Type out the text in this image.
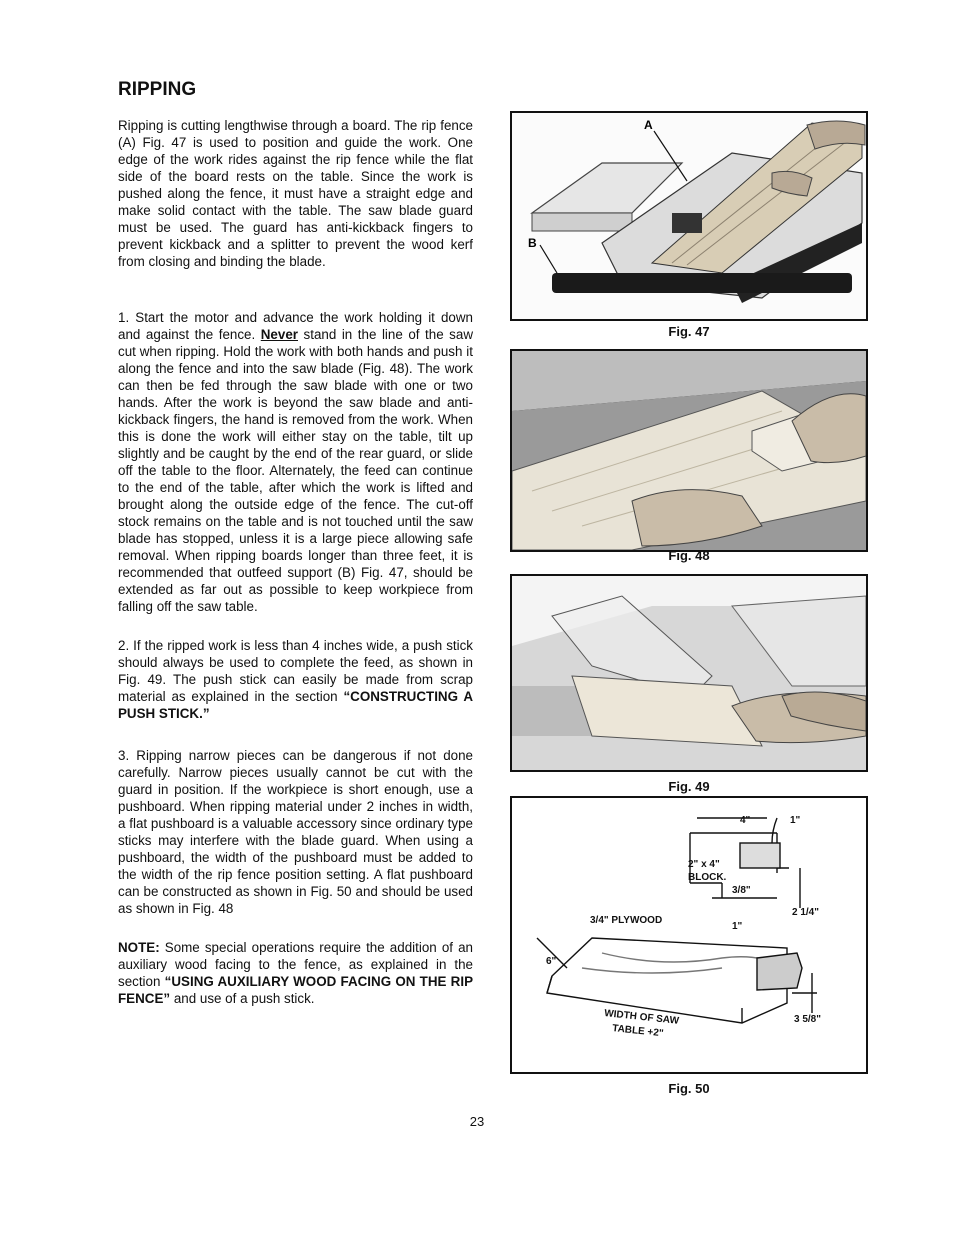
RIPPING

Ripping is cutting lengthwise through a board. The rip fence (A) Fig. 47 is used to position and guide the work. One edge of the work rides against the rip fence while the flat side of the board rests on the table. Since the work is pushed along the fence, it must have a straight edge and make solid contact with the table. The saw blade guard must be used. The guard has anti-kickback fingers to prevent kickback and a splitter to prevent the wood kerf from closing and binding the blade.

1. Start the motor and advance the work holding it down and against the fence. Never stand in the line of the saw cut when ripping. Hold the work with both hands and push it along the fence and into the saw blade (Fig. 48). The work can then be fed through the saw blade with one or two hands. After the work is beyond the saw blade and anti-kickback fingers, the hand is removed from the work. When this is done the work will either stay on the table, tilt up slightly and be caught by the end of the rear guard, or slide off the table to the floor. Alternately, the feed can continue to the end of the table, after which the work is lifted and brought along the outside edge of the fence. The cut-off stock remains on the table and is not touched until the saw blade has stopped, unless it is a large piece allowing safe removal. When ripping boards longer than three feet, it is recommended that outfeed support (B) Fig. 47, should be extended as far out as possible to keep workpiece from falling off the saw table.

2. If the ripped work is less than 4 inches wide, a push stick should always be used to complete the feed, as shown in Fig. 49. The push stick can easily be made from scrap material as explained in the section “CONSTRUCTING A PUSH STICK.”

3. Ripping narrow pieces can be dangerous if not done carefully. Narrow pieces usually cannot be cut with the guard in position. If the workpiece is short enough, use a pushboard. When ripping material under 2 inches in width, a flat pushboard is a valuable accessory since ordinary type sticks may interfere with the blade guard. When using a pushboard, the width of the pushboard must be added to the width of the rip fence position setting. A flat pushboard can be constructed as shown in Fig. 50 and should be used as shown in Fig. 48

NOTE: Some special operations require the addition of an auxiliary wood facing to the fence, as explained in the section “USING AUXILIARY WOOD FACING ON THE RIP FENCE” and use of a push stick.

A
B
Fig. 47
Fig. 48
Fig. 49
4"	1"
2" x 4"
BLOCK.
3/8"
2 1/4"
1"
3/4" PLYWOOD
6"
3 5/8"
WIDTH OF SAW
TABLE +2"
Fig. 50
23
